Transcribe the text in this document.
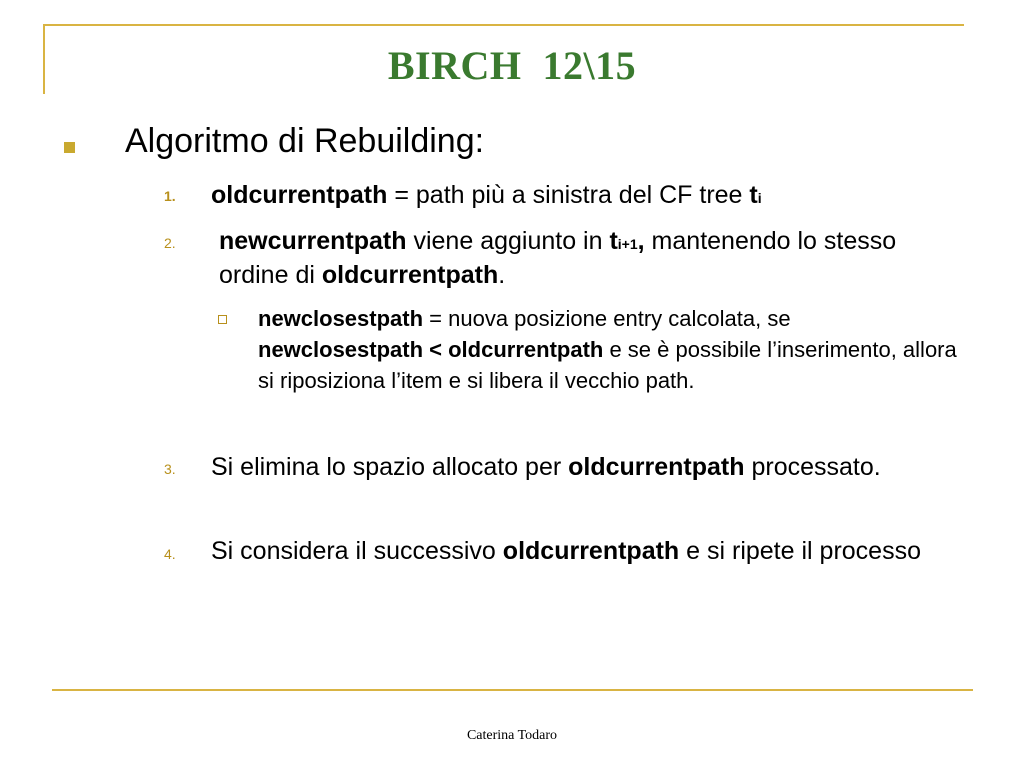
BIRCH  12\15
Algoritmo di Rebuilding:
1. oldcurrentpath = path più a sinistra del CF tree ti
2. newcurrentpath viene aggiunto in ti+1, mantenendo lo stesso ordine di oldcurrentpath.
newclosestpath = nuova posizione entry calcolata, se newclosestpath < oldcurrentpath e se è possibile l’inserimento, allora si riposiziona l’item e si libera il vecchio path.
3. Si elimina lo spazio allocato per oldcurrentpath processato.
4. Si considera il successivo oldcurrentpath e si ripete il processo
Caterina Todaro
